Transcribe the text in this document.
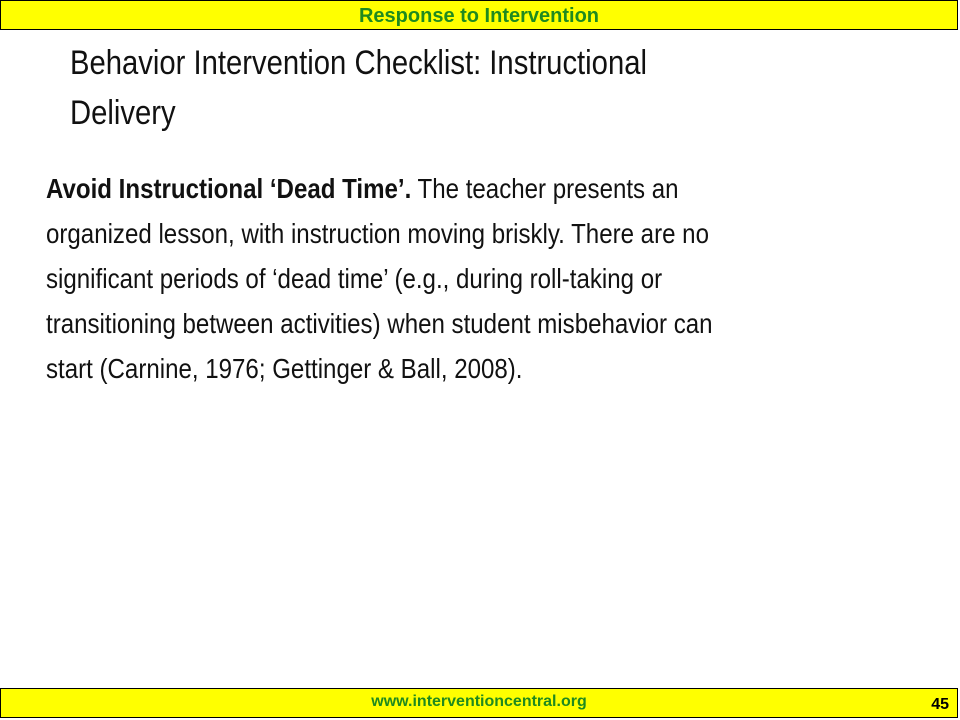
Response to Intervention
Behavior Intervention Checklist: Instructional
Delivery
Avoid Instructional ‘Dead Time’. The teacher presents an
organized lesson, with instruction moving briskly. There are no
significant periods of ‘dead time’ (e.g., during roll-taking or
transitioning between activities) when student misbehavior can
start (Carnine, 1976; Gettinger & Ball, 2008).
www.interventioncentral.org	45
